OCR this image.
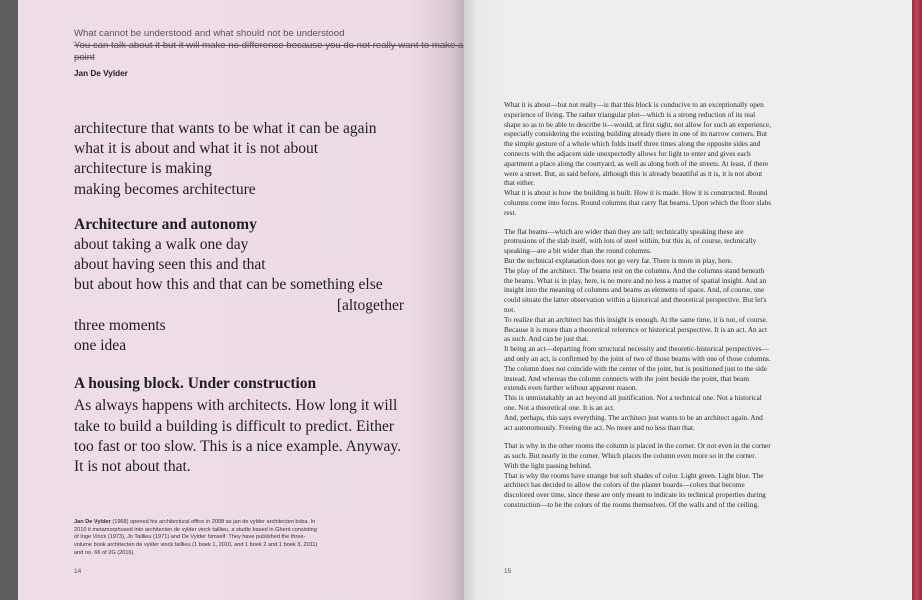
What cannot be understood and what should not be understood

You can talk about it but it will make no difference because you do not really want to make a point

Jan De Vylder

architecture that wants to be what it can be again
what it is about and what it is not about
architecture is making
making becomes architecture
Architecture and autonomy
about taking a walk one day
about having seen this and that
but about how this and that can be something else
[altogether
three moments
one idea
A housing block. Under construction
As always happens with architects. How long it will
take to build a building is difficult to predict. Either
too fast or too slow. This is a nice example. Anyway.
It is not about that.
Jan De Vylder (1968) opened his architectural office in 2008 as jan de vylder architecten bvba. In 2010 it metamorphosed into architecten de vylder vinck taillieu, a studio based in Ghent consisting of Inge Vinck (1973), Jo Taillieu (1971) and De Vylder himself. They have published the three-volume book architecten de vylder vinck taillieu (1 boek 1, 2010, and 1 boek 2 and 1 boek 3, 2011) and no. 66 of 2G (2016).
14

What it is about—but not really—is that this block is conducive to an exceptionally open experience of living. The rather triangular plot—which is a strong reduction of its real shape so as to be able to describe it—would, at first sight, not allow for such an experience, especially considering the existing building already there in one of its narrow corners. But the simple gesture of a whole which folds itself three times along the opposite sides and connects with the adjacent side unexpectedly allows for light to enter and gives each apartment a place along the courtyard, as well as along both of the streets. At least, if there were a street. But, as said before, although this is already beautiful as it is, it is not about that either.

What it is about is how the building is built. How it is made. How it is constructed. Round columns come into focus. Round columns that carry flat beams. Upon which the floor slabs rest.

The flat beams—which are wider than they are tall; technically speaking these are protrusions of the slab itself, with lots of steel within, but this is, of course, technically speaking—are a bit wider than the round columns.

But the technical explanation does not go very far. There is more in play, here.

The play of the architect. The beams rest on the columns. And the columns stand beneath the beams. What is in play, here, is no more and no less a matter of spatial insight. And an insight into the meaning of columns and beams as elements of space. And, of course, one could situate the latter observation within a historical and theoretical perspective. But let's not.

To realize that an architect has this insight is enough. At the same time, it is not, of course. Because it is more than a theoretical reference or historical perspective. It is an act. An act as such. And can be just that.

It being an act—departing from structural necessity and theoretic-historical perspectives—and only an act, is confirmed by the joint of two of those beams with one of those columns.

The column does not coincide with the center of the joint, but is positioned just to the side instead. And whereas the column connects with the joint beside the point, that beam extends even further without apparent reason.

This is unmistakably an act beyond all justification. Not a technical one. Not a historical one. Not a theoretical one. It is an act.

And, perhaps, this says everything. The architect just wants to be an architect again. And act autonomously. Freeing the act. No more and no less than that.

That is why in the other rooms the column is placed in the corner. Or not even in the corner as such. But nearly in the corner. Which places the column even more so in the corner. With the light passing behind.

That is why the rooms have strange but soft shades of color. Light green. Light blue. The architect has decided to allow the colors of the plaster boards—colors that become discolored over time, since these are only meant to indicate its technical properties during construction—to be the colors of the rooms themselves. Of the walls and of the ceiling.

15
